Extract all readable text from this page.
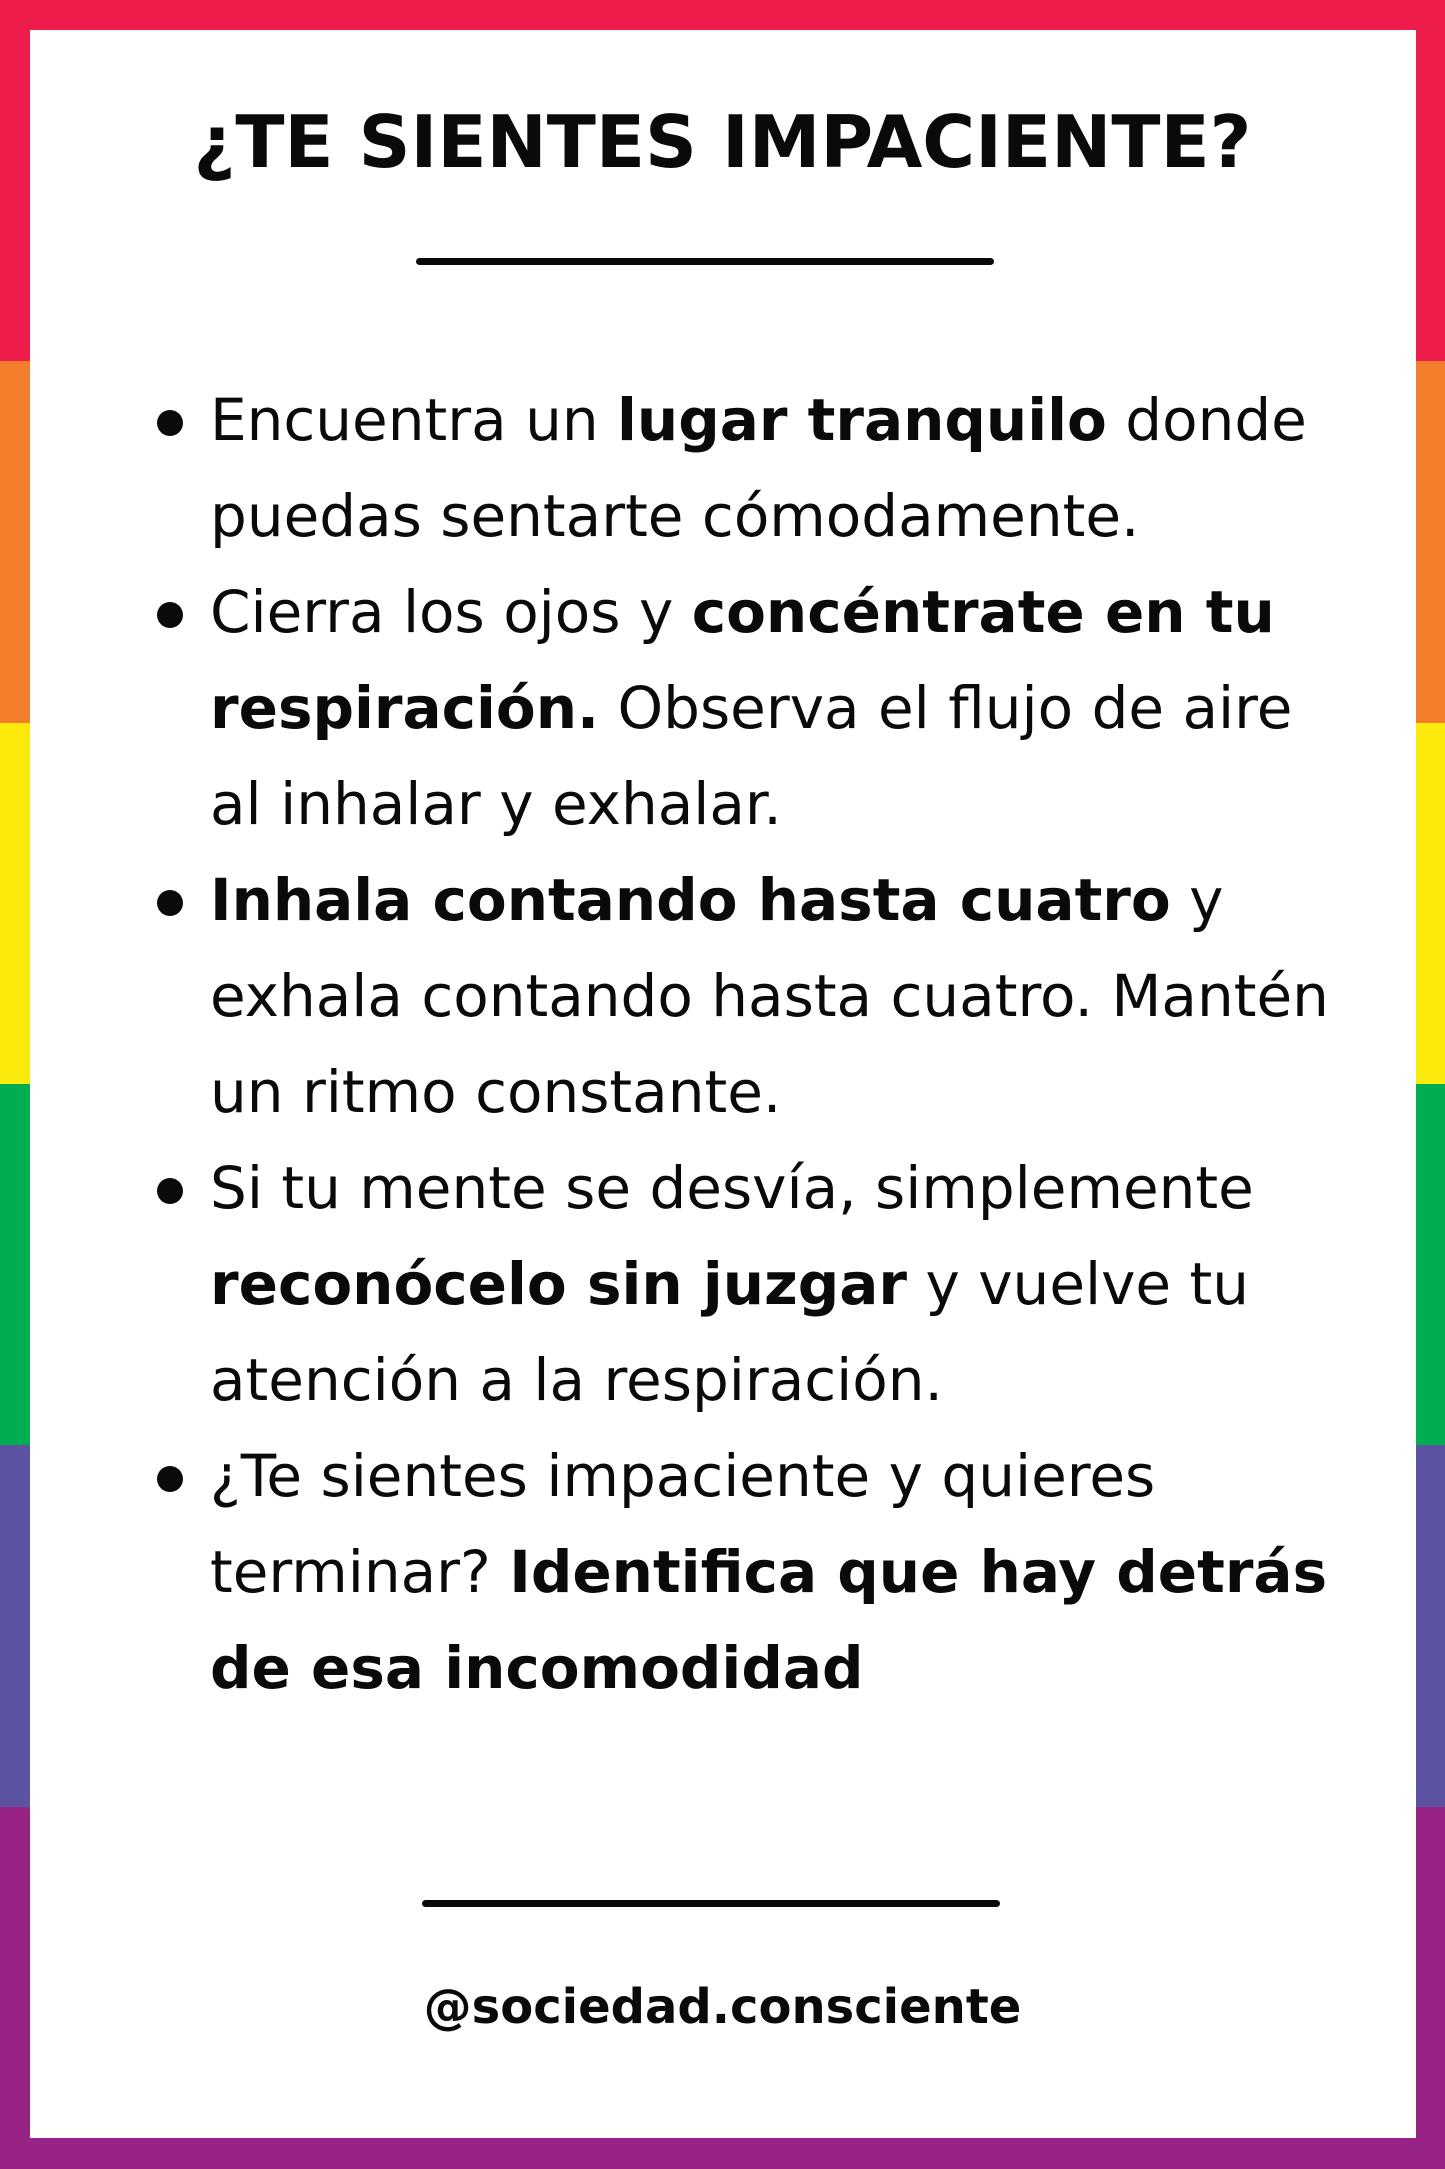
¿TE SIENTES IMPACIENTE?
Encuentra un lugar tranquilo donde puedas sentarte cómodamente.
Cierra los ojos y concéntrate en tu respiración. Observa el flujo de aire al inhalar y exhalar.
Inhala contando hasta cuatro y exhala contando hasta cuatro. Mantén un ritmo constante.
Si tu mente se desvía, simplemente reconócelo sin juzgar y vuelve tu atención a la respiración.
¿Te sientes impaciente y quieres terminar? Identifica que hay detrás de esa incomodidad
@sociedad.consciente
